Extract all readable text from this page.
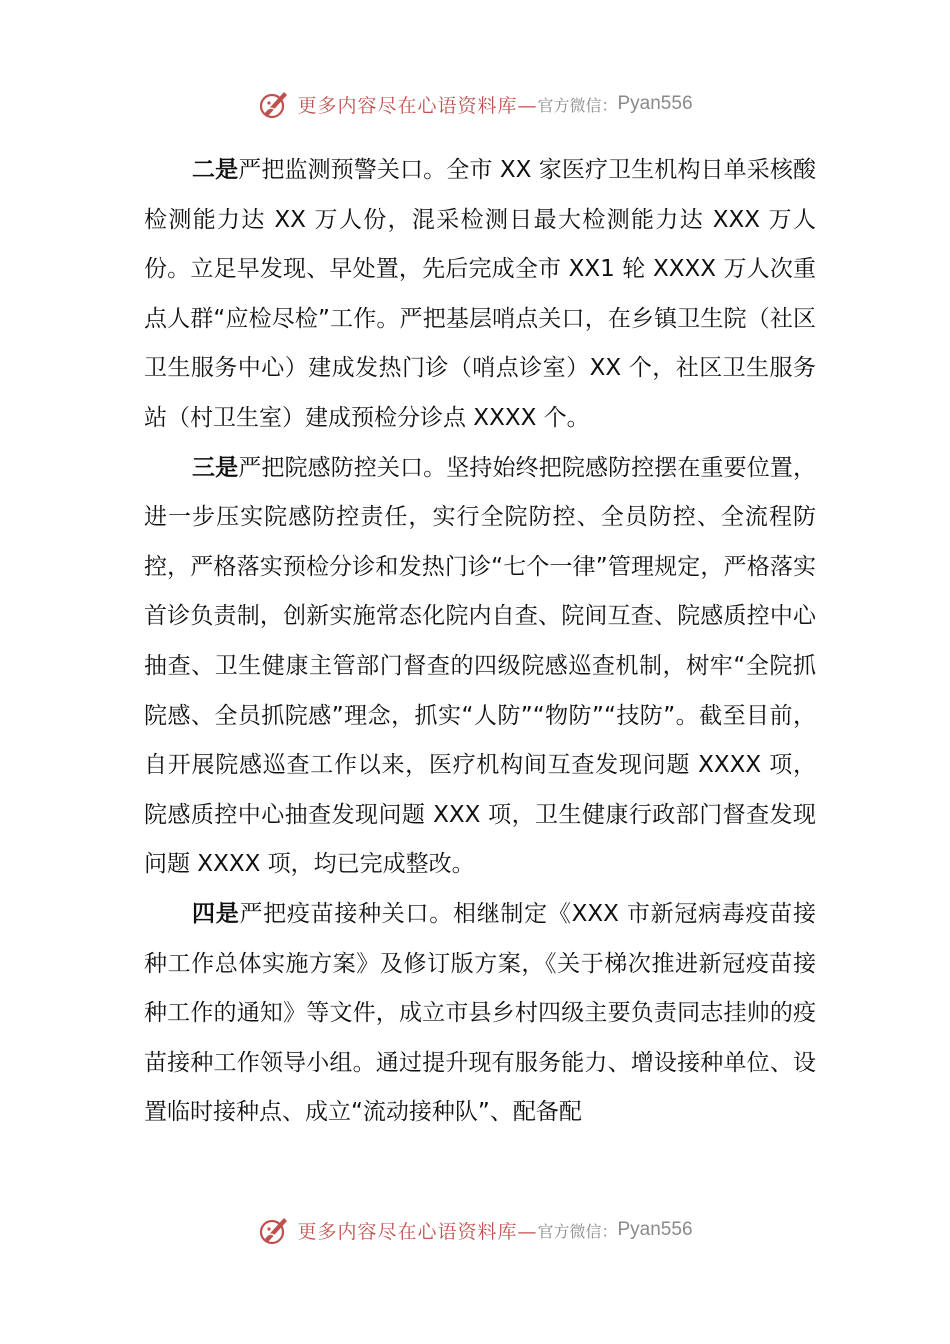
更多内容尽在心语资料库— 官方微信： Pyan556

二是严把监测预警关口。全市 XX 家医疗卫生机构日单采核酸检测能力达 XX 万人份，混采检测日最大检测能力达 XXX 万人份。立足早发现、早处置，先后完成全市 XX1 轮 XXXX 万人次重点人群“应检尽检”工作。严把基层哨点关口，在乡镇卫生院（社区卫生服务中心）建成发热门诊（哨点诊室）XX 个，社区卫生服务站（村卫生室）建成预检分诊点 XXXX 个。

三是严把院感防控关口。坚持始终把院感防控摆在重要位置，进一步压实院感防控责任，实行全院防控、全员防控、全流程防控，严格落实预检分诊和发热门诊“七个一律”管理规定，严格落实首诊负责制，创新实施常态化院内自查、院间互查、院感质控中心抽查、卫生健康主管部门督查的四级院感巡查机制，树牢“全院抓院感、全员抓院感”理念，抓实“人防”“物防”“技防”。截至目前，自开展院感巡查工作以来，医疗机构间互查发现问题 XXXX 项，院感质控中心抽查发现问题 XXX 项，卫生健康行政部门督查发现问题 XXXX 项，均已完成整改。

四是严把疫苗接种关口。相继制定《XXX 市新冠病毒疫苗接种工作总体实施方案》及修订版方案，《关于梯次推进新冠疫苗接种工作的通知》等文件，成立市县乡村四级主要负责同志挂帅的疫苗接种工作领导小组。通过提升现有服务能力、增设接种单位、设置临时接种点、成立“流动接种队”、配备配

更多内容尽在心语资料库— 官方微信： Pyan556
